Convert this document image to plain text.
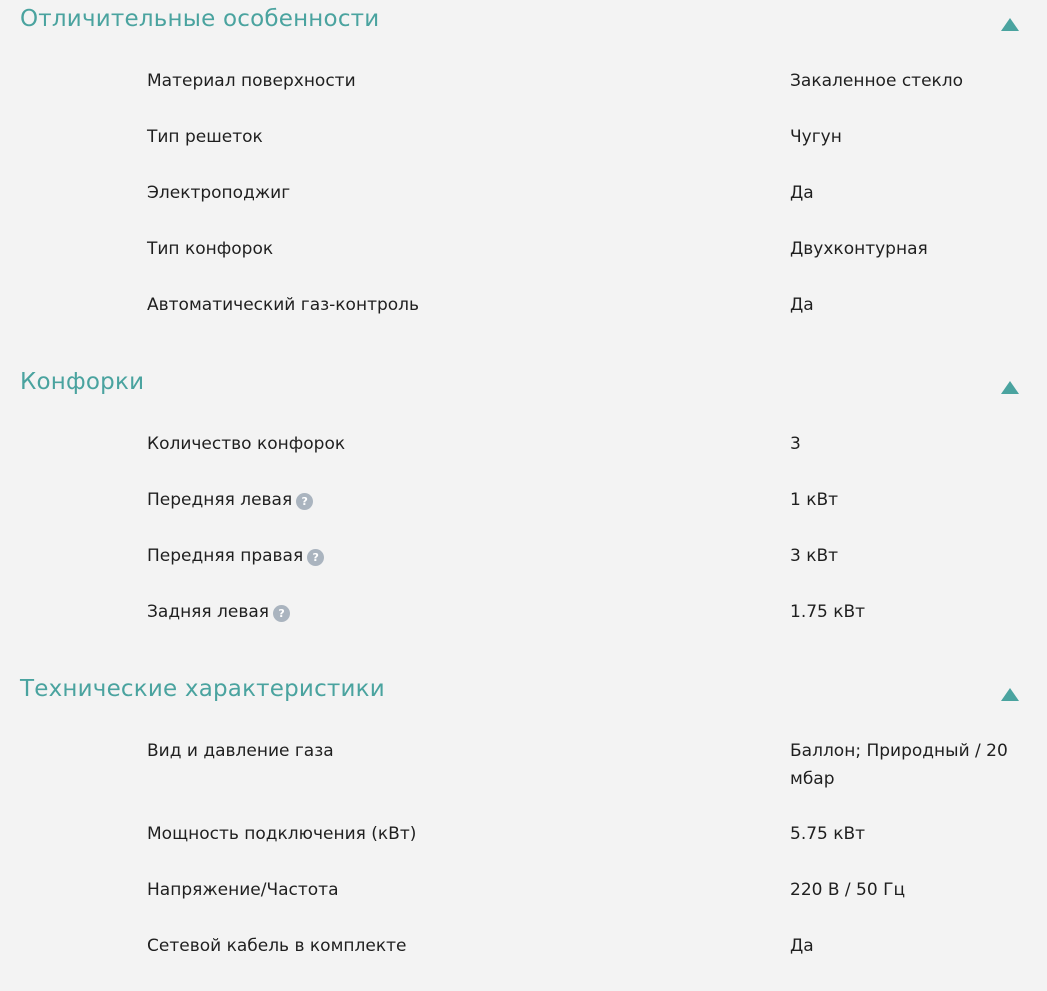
Отличительные особенности
Материал поверхности	Закаленное стекло
Тип решеток	Чугун
Электроподжиг	Да
Тип конфорок	Двухконтурная
Автоматический газ-контроль	Да
Конфорки
Количество конфорок	3
Передняя левая ?	1 кВт
Передняя правая ?	3 кВт
Задняя левая ?	1.75 кВт
Технические характеристики
Вид и давление газа	Баллон; Природный / 20 мбар
Мощность подключения (кВт)	5.75 кВт
Напряжение/Частота	220 В / 50 Гц
Сетевой кабель в комплекте	Да
